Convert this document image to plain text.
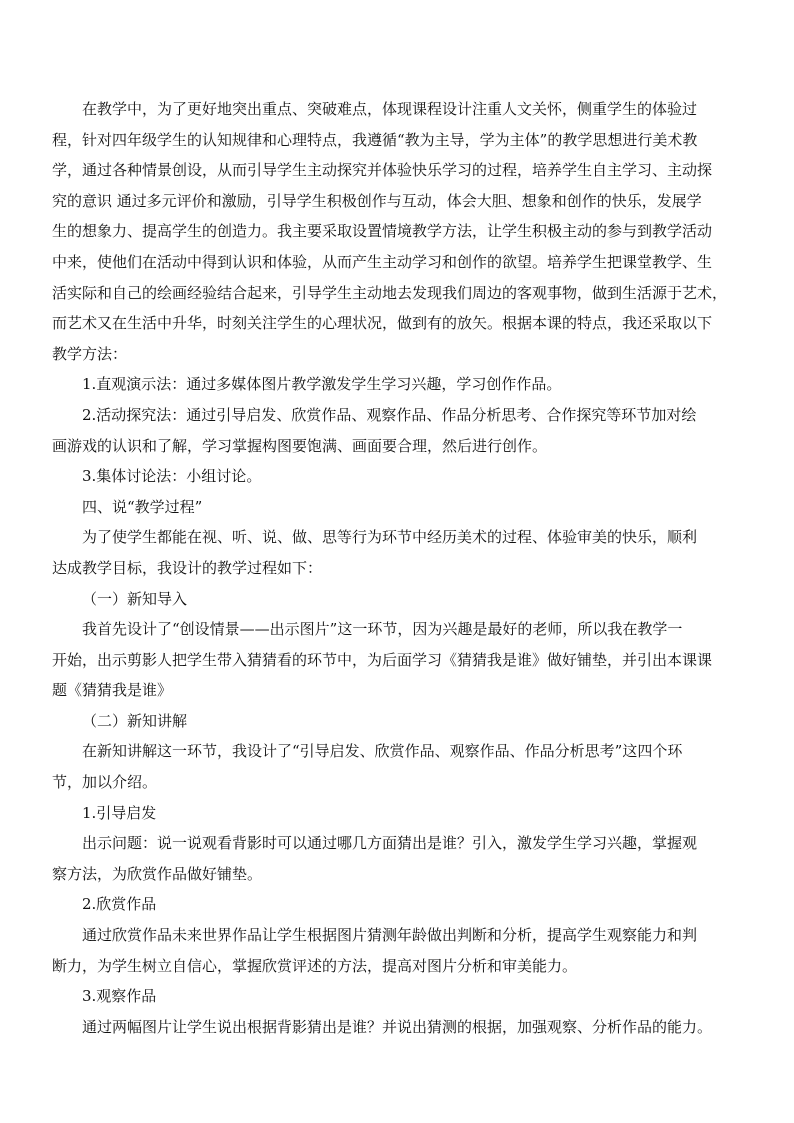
在教学中，为了更好地突出重点、突破难点，体现课程设计注重人文关怀，侧重学生的体验过
程，针对四年级学生的认知规律和心理特点，我遵循“教为主导，学为主体”的教学思想进行美术教
学，通过各种情景创设，从而引导学生主动探究并体验快乐学习的过程，培养学生自主学习、主动探
究的意识 通过多元评价和激励，引导学生积极创作与互动，体会大胆、想象和创作的快乐，发展学
生的想象力、提高学生的创造力。我主要采取设置情境教学方法，让学生积极主动的参与到教学活动
中来，使他们在活动中得到认识和体验，从而产生主动学习和创作的欲望。培养学生把课堂教学、生
活实际和自己的绘画经验结合起来，引导学生主动地去发现我们周边的客观事物，做到生活源于艺术，
而艺术又在生活中升华，时刻关注学生的心理状况，做到有的放矢。根据本课的特点，我还采取以下
教学方法：
1.直观演示法：通过多媒体图片教学激发学生学习兴趣，学习创作作品。
2.活动探究法：通过引导启发、欣赏作品、观察作品、作品分析思考、合作探究等环节加对绘
画游戏的认识和了解，学习掌握构图要饱满、画面要合理，然后进行创作。
3.集体讨论法：小组讨论。
四、说“教学过程”
为了使学生都能在视、听、说、做、思等行为环节中经历美术的过程、体验审美的快乐，顺利
达成教学目标，我设计的教学过程如下：
（一）新知导入
我首先设计了“创设情景——出示图片”这一环节，因为兴趣是最好的老师，所以我在教学一
开始，出示剪影人把学生带入猜猜看的环节中，为后面学习《猜猜我是谁》做好铺垫，并引出本课课
题《猜猜我是谁》
（二）新知讲解
在新知讲解这一环节，我设计了“引导启发、欣赏作品、观察作品、作品分析思考”这四个环
节，加以介绍。
1.引导启发
出示问题：说一说观看背影时可以通过哪几方面猜出是谁？引入，激发学生学习兴趣，掌握观
察方法，为欣赏作品做好铺垫。
2.欣赏作品
通过欣赏作品未来世界作品让学生根据图片猜测年龄做出判断和分析，提高学生观察能力和判
断力，为学生树立自信心，掌握欣赏评述的方法，提高对图片分析和审美能力。
3.观察作品
通过两幅图片让学生说出根据背影猜出是谁？并说出猜测的根据，加强观察、分析作品的能力。
